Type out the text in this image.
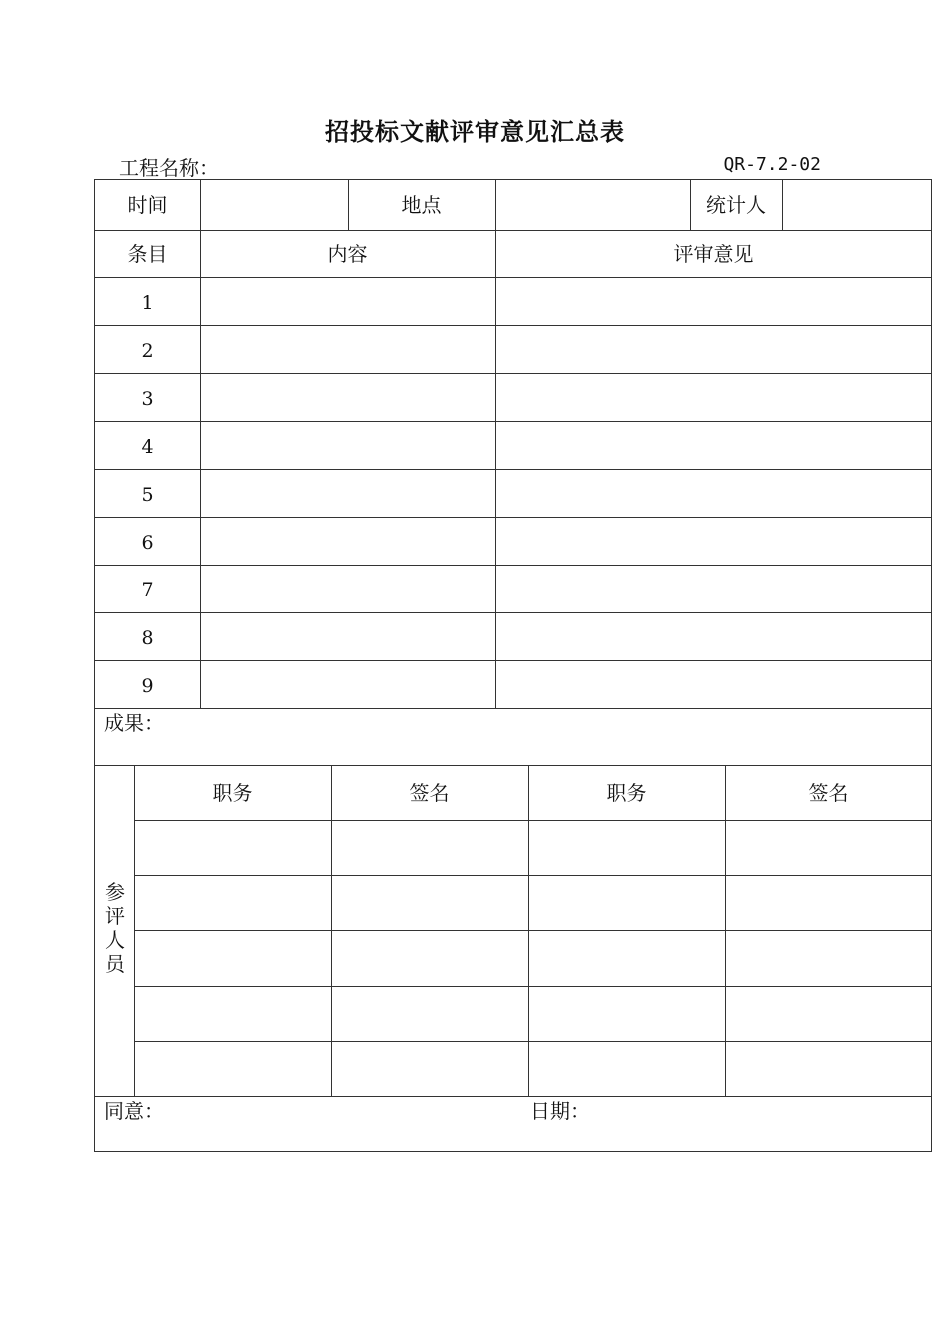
招投标文献评审意见汇总表
工程名称：	QR-7.2-02
时间	地点	统计人
条目	内容	评审意见
1
2
3
4
5
6
7
8
9
成果：
参
评
人
员
职务	签名	职务	签名
同意：	日期：
